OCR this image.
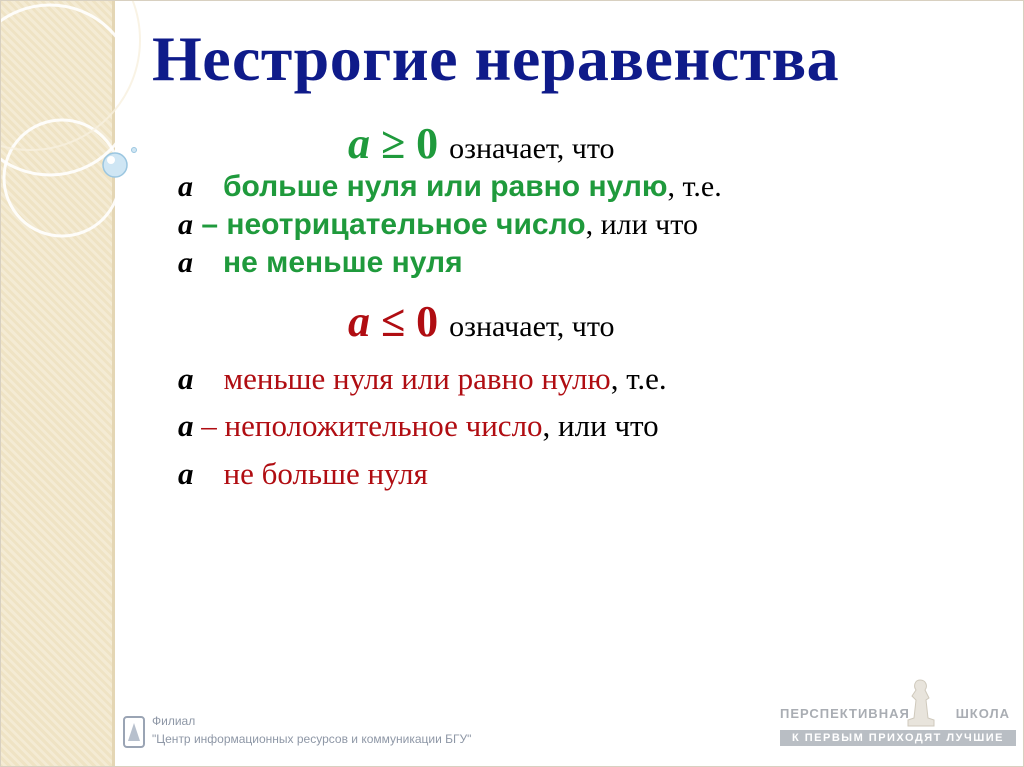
Нестрогие неравенства
a ≥ 0 означает, что
a больше нуля или равно нулю, т.е.
a – неотрицательное число, или что
a не меньше нуля
a ≤ 0 означает, что
a меньше нуля или равно нулю, т.е.
a – неположительное число, или что
a не больше нуля
Филиал
"Центр информационных ресурсов и коммуникации БГУ"
ПЕРСПЕКТИВНАЯ	ШКОЛА
К ПЕРВЫМ ПРИХОДЯТ ЛУЧШИЕ
